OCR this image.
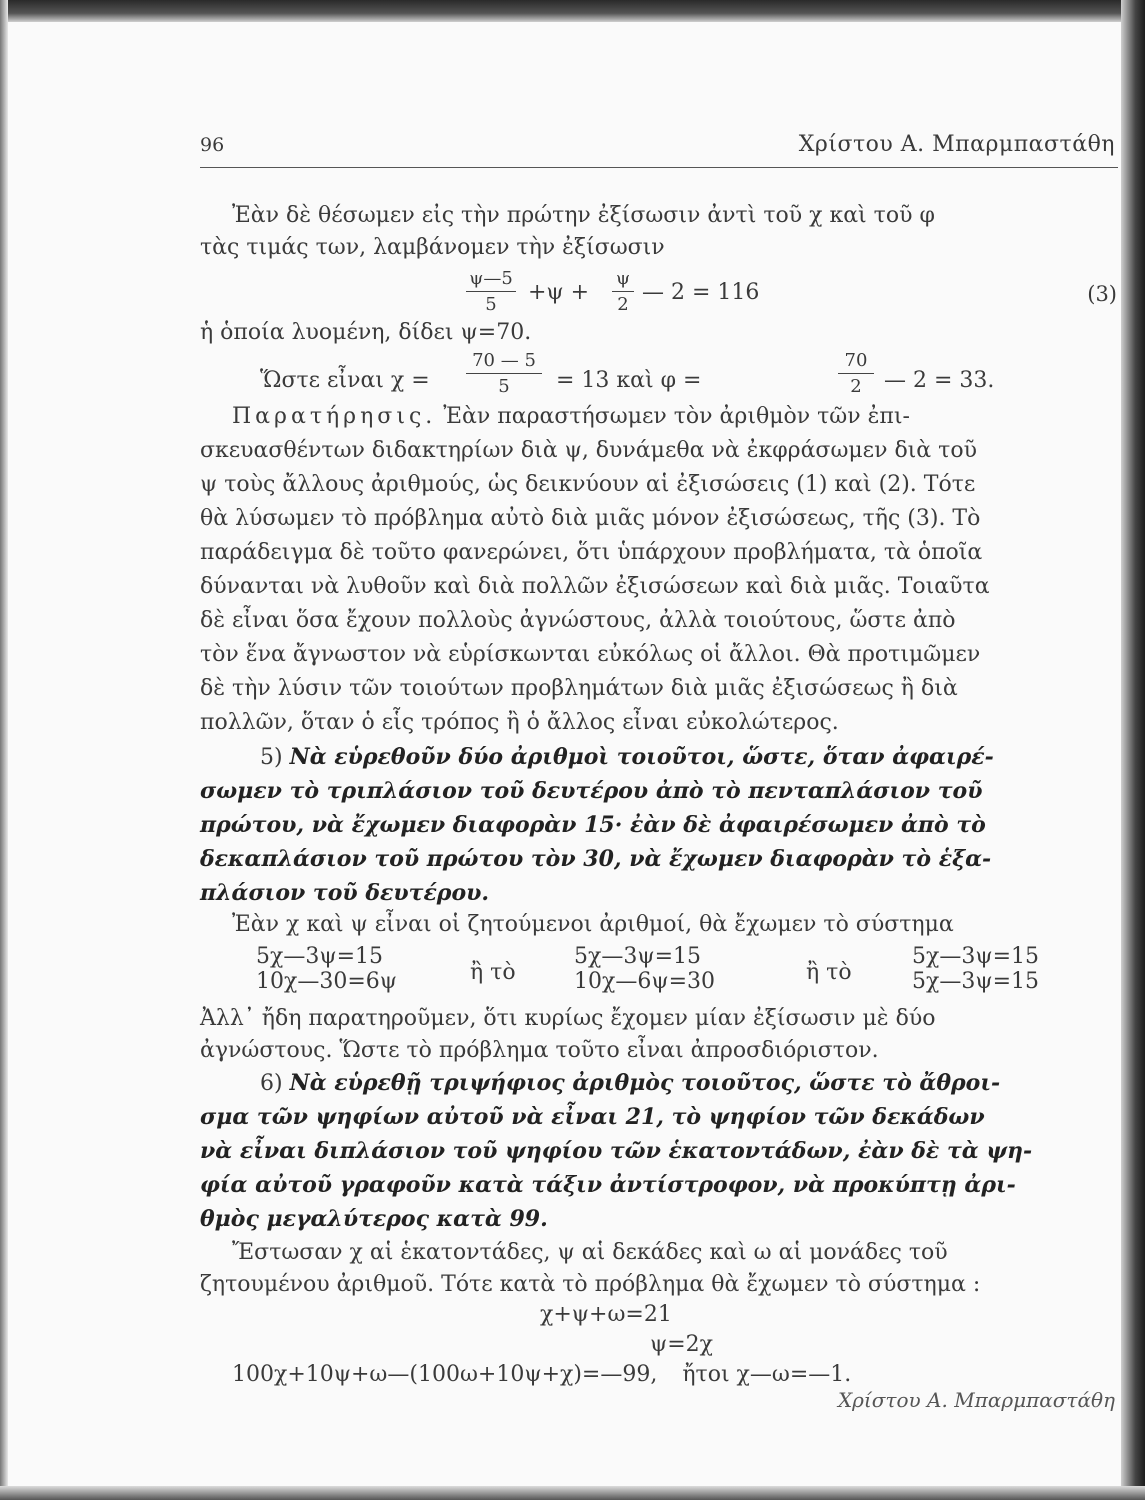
96	Χρίστου Α. Μπαρμπαστάθη
Ἐὰν δὲ θέσωμεν εἰς τὴν πρώτην ἐξίσωσιν ἀντὶ τοῦ χ καὶ τοῦ φ
τὰς τιμάς των, λαμβάνομεν τὴν ἐξίσωσιν
ψ—5
5	+ψ +
ψ
2 — 2 = 116	(3)
ἡ ὁποία λυομένη, δίδει ψ=70.
Ὥστε εἶναι χ =
70 — 5
5	= 13 καὶ φ =
70
2	— 2 = 33.
Παρατήρησις. Ἐὰν παραστήσωμεν τὸν ἀριθμὸν τῶν ἐπι-
σκευασθέντων διδακτηρίων διὰ ψ, δυνάμεθα νὰ ἐκφράσωμεν διὰ τοῦ
ψ τοὺς ἄλλους ἀριθμούς, ὡς δεικνύουν αἱ ἐξισώσεις (1) καὶ (2). Τότε
θὰ λύσωμεν τὸ πρόβλημα αὐτὸ διὰ μιᾶς μόνον ἐξισώσεως, τῆς (3). Τὸ
παράδειγμα δὲ τοῦτο φανερώνει, ὅτι ὑπάρχουν προβλήματα, τὰ ὁποῖα
δύνανται νὰ λυθοῦν καὶ διὰ πολλῶν ἐξισώσεων καὶ διὰ μιᾶς. Τοιαῦτα
δὲ εἶναι ὅσα ἔχουν πολλοὺς ἀγνώστους, ἀλλὰ τοιούτους, ὥστε ἀπὸ
τὸν ἕνα ἄγνωστον νὰ εὑρίσκωνται εὐκόλως οἱ ἄλλοι. Θὰ προτιμῶμεν
δὲ τὴν λύσιν τῶν τοιούτων προβλημάτων διὰ μιᾶς ἐξισώσεως ἢ διὰ
πολλῶν, ὅταν ὁ εἷς τρόπος ἢ ὁ ἄλλος εἶναι εὐκολώτερος.
5) Νὰ εὑρεθοῦν δύο ἀριθμοὶ τοιοῦτοι, ὥστε, ὅταν ἀφαιρέ-
σωμεν τὸ τριπλάσιον τοῦ δευτέρου ἀπὸ τὸ πενταπλάσιον τοῦ
πρώτου, νὰ ἔχωμεν διαφορὰν 15· ἐὰν δὲ ἀφαιρέσωμεν ἀπὸ τὸ
δεκαπλάσιον τοῦ πρώτου τὸν 30, νὰ ἔχωμεν διαφορὰν τὸ ἑξα-
πλάσιον τοῦ δευτέρου.
Ἐὰν χ καὶ ψ εἶναι οἱ ζητούμενοι ἀριθμοί, θὰ ἔχωμεν τὸ σύστημα
5χ—3ψ=15
10χ—30=6ψ	ἢ τὸ
5χ—3ψ=15
10χ—6ψ=30	ἢ τὸ
5χ—3ψ=15
5χ—3ψ=15
Ἀλλ᾽ ἤδη παρατηροῦμεν, ὅτι κυρίως ἔχομεν μίαν ἐξίσωσιν μὲ δύο
ἀγνώστους. Ὥστε τὸ πρόβλημα τοῦτο εἶναι ἀπροσδιόριστον.
6) Νὰ εὑρεθῇ τριψήφιος ἀριθμὸς τοιοῦτος, ὥστε τὸ ἄθροι-
σμα τῶν ψηφίων αὐτοῦ νὰ εἶναι 21, τὸ ψηφίον τῶν δεκάδων
νὰ εἶναι διπλάσιον τοῦ ψηφίου τῶν ἑκατοντάδων, ἐὰν δὲ τὰ ψη-
φία αὐτοῦ γραφοῦν κατὰ τάξιν ἀντίστροφον, νὰ προκύπτῃ ἀρι-
θμὸς μεγαλύτερος κατὰ 99.
Ἔστωσαν χ αἱ ἑκατοντάδες, ψ αἱ δεκάδες καὶ ω αἱ μονάδες τοῦ
ζητουμένου ἀριθμοῦ. Τότε κατὰ τὸ πρόβλημα θὰ ἔχωμεν τὸ σύστημα :
χ+ψ+ω=21
ψ=2χ
100χ+10ψ+ω—(100ω+10ψ+χ)=—99, ἤτοι χ—ω=—1.
Χρίστου Α. Μπαρμπαστάθη
